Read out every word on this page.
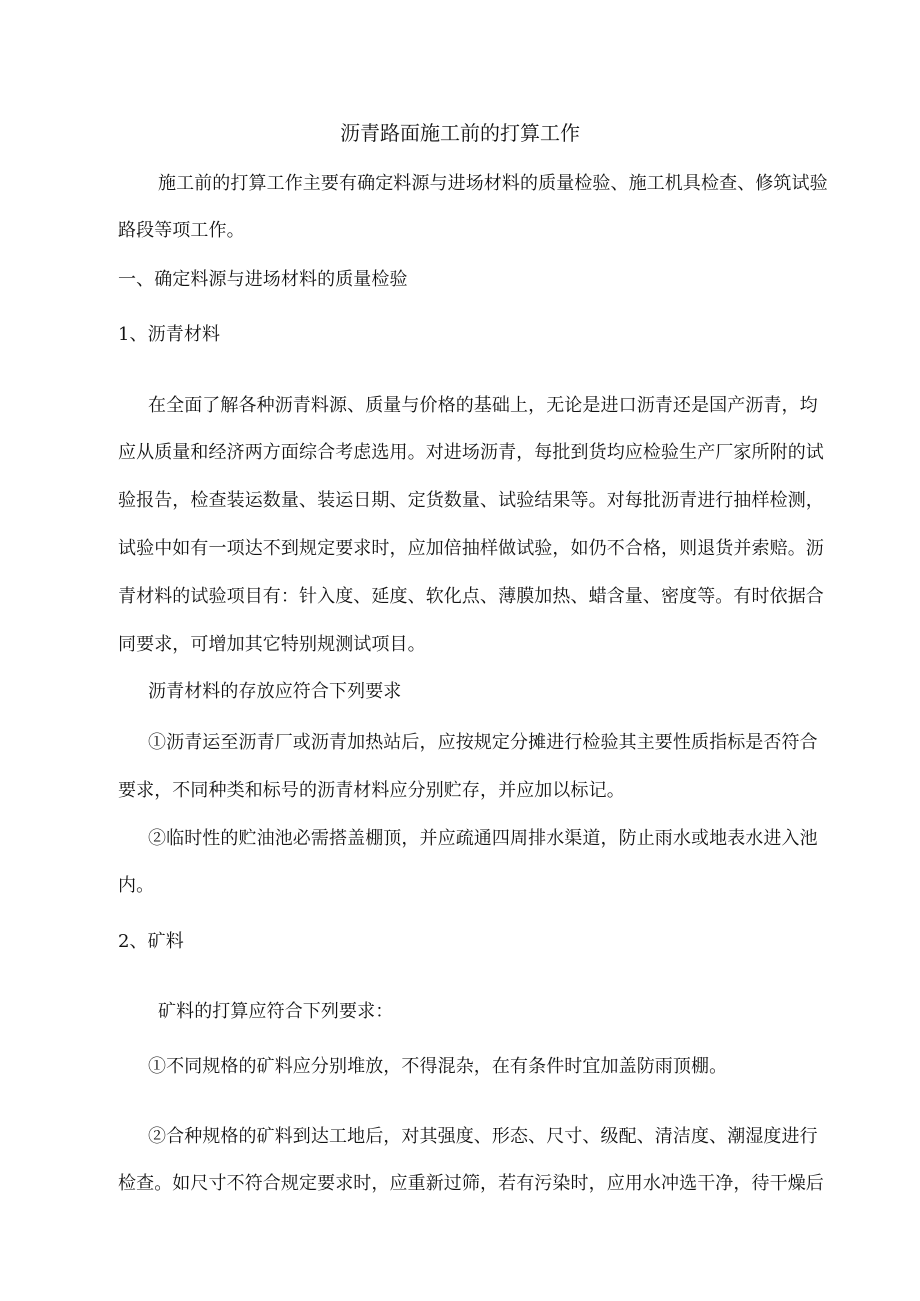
沥青路面施工前的打算工作
施工前的打算工作主要有确定料源与进场材料的质量检验、施工机具检查、修筑试验
路段等项工作。
一、确定料源与进场材料的质量检验
1、沥青材料
在全面了解各种沥青料源、质量与价格的基础上，无论是进口沥青还是国产沥青，均
应从质量和经济两方面综合考虑选用。对进场沥青，每批到货均应检验生产厂家所附的试
验报告，检查装运数量、装运日期、定货数量、试验结果等。对每批沥青进行抽样检测，
试验中如有一项达不到规定要求时，应加倍抽样做试验，如仍不合格，则退货并索赔。沥
青材料的试验项目有：针入度、延度、软化点、薄膜加热、蜡含量、密度等。有时依据合
同要求，可增加其它特别规测试项目。
沥青材料的存放应符合下列要求
①沥青运至沥青厂或沥青加热站后，应按规定分摊进行检验其主要性质指标是否符合
要求，不同种类和标号的沥青材料应分别贮存，并应加以标记。
②临时性的贮油池必需搭盖棚顶，并应疏通四周排水渠道，防止雨水或地表水进入池
内。
2、矿料
矿料的打算应符合下列要求：
①不同规格的矿料应分别堆放，不得混杂，在有条件时宜加盖防雨顶棚。
②合种规格的矿料到达工地后，对其强度、形态、尺寸、级配、清洁度、潮湿度进行
检查。如尺寸不符合规定要求时，应重新过筛，若有污染时，应用水冲选干净，待干燥后
